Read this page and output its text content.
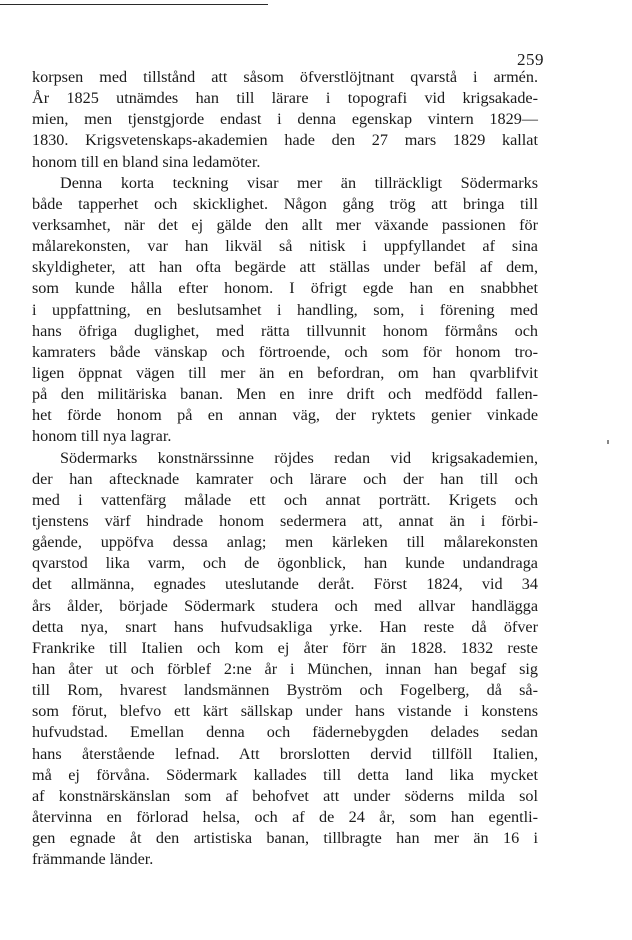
259
korpsen med tillstånd att såsom öfverstlöjtnant qvarstå i armén.
År 1825 utnämdes han till lärare i topografi vid krigsakade-
mien, men tjenstgjorde endast i denna egenskap vintern 1829—
1830. Krigsvetenskaps-akademien hade den 27 mars 1829 kallat
honom till en bland sina ledamöter.
Denna korta teckning visar mer än tillräckligt Södermarks
både tapperhet och skicklighet. Någon gång trög att bringa till
verksamhet, när det ej gälde den allt mer växande passionen för
målarekonsten, var han likväl så nitisk i uppfyllandet af sina
skyldigheter, att han ofta begärde att ställas under befäl af dem,
som kunde hålla efter honom. I öfrigt egde han en snabbhet
i uppfattning, en beslutsamhet i handling, som, i förening med
hans öfriga duglighet, med rätta tillvunnit honom förmåns och
kamraters både vänskap och förtroende, och som för honom tro-
ligen öppnat vägen till mer än en befordran, om han qvarblifvit
på den militäriska banan. Men en inre drift och medfödd fallen-
het förde honom på en annan väg, der ryktets genier vinkade
honom till nya lagrar.
Södermarks konstnärssinne röjdes redan vid krigsakademien,
der han aftecknade kamrater och lärare och der han till och
med i vattenfärg målade ett och annat porträtt. Krigets och
tjenstens värf hindrade honom sedermera att, annat än i förbi-
gående, uppöfva dessa anlag; men kärleken till målarekonsten
qvarstod lika varm, och de ögonblick, han kunde undandraga
det allmänna, egnades uteslutande deråt. Först 1824, vid 34
års ålder, började Södermark studera och med allvar handlägga
detta nya, snart hans hufvudsakliga yrke. Han reste då öfver
Frankrike till Italien och kom ej åter förr än 1828. 1832 reste
han åter ut och förblef 2:ne år i München, innan han begaf sig
till Rom, hvarest landsmännen Byström och Fogelberg, då så-
som förut, blefvo ett kärt sällskap under hans vistande i konstens
hufvudstad. Emellan denna och fädernebygden delades sedan
hans återstående lefnad. Att brorslotten dervid tillföll Italien,
må ej förvåna. Södermark kallades till detta land lika mycket
af konstnärskänslan som af behofvet att under söderns milda sol
återvinna en förlorad helsa, och af de 24 år, som han egentli-
gen egnade åt den artistiska banan, tillbragte han mer än 16 i
främmande länder.
